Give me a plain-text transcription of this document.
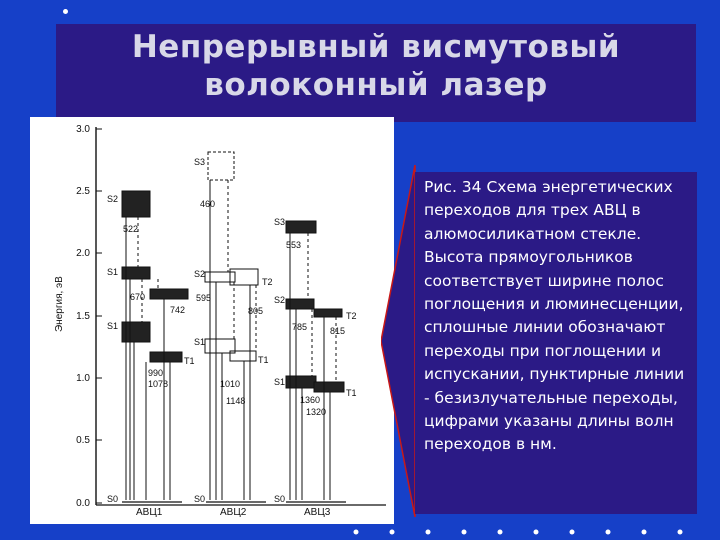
Непрерывный висмутовый
волоконный лазер
3.0
2.5
2.0
1.5
1.0
0.5
0.0
Энергия, эВ
S2
S1
S1
T1
S0
522
670
742
990
1078
АВЦ1
S3
S2
T2
S1
T1
S0
460
595
805
1010
1148
АВЦ2
S3
S2
T2
S1
T1
S0
553
785	815
1360
1320
АВЦ3
Рис. 34 Схема энергетических переходов для трех АВЦ в алюмосиликатном стекле. Высота прямоугольников соответствует ширине полос поглощения и люминесценции, сплошные линии обозначают переходы при поглощении и испускании, пунктирные линии - безизлучательные переходы, цифрами указаны длины волн переходов в нм.
